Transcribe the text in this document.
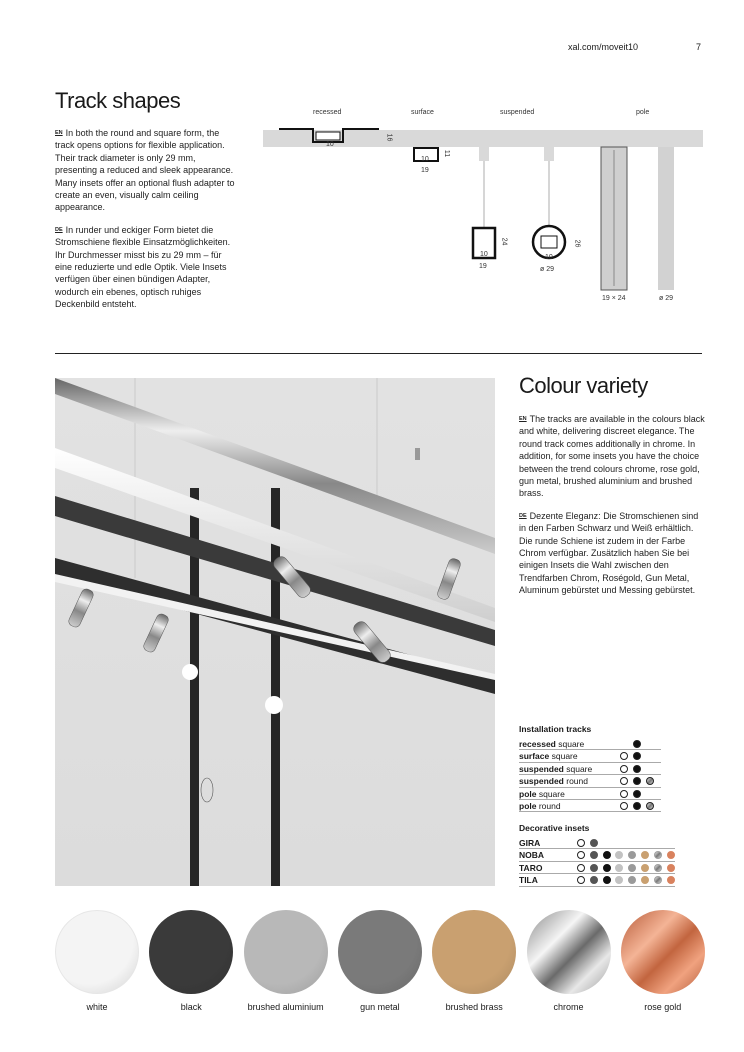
xal.com/moveit10	7
Track shapes
$^{EN}$ In both the round and square form, the track opens options for flexible application. Their track diameter is only 29 mm, presenting a reduced and sleek appearance. Many insets offer an optional flush adapter to create an even, visually calm ceiling appearance.
$^{DE}$ In runder und eckiger Form bietet die Stromschiene flexible Einsatzmöglichkeiten. Ihr Durchmesser misst bis zu 29 mm – für eine reduzierte und edle Optik. Viele Insets verfügen über einen bündigen Adapter, wodurch ein ebenes, optisch ruhiges Deckenbild entsteht.
recessed	surface	suspended	pole
10
16
10
11
19
10
24
19
10
26
ø 29
19 × 24	ø 29
Colour variety
$^{EN}$ The tracks are available in the colours black and white, delivering discreet elegance. The round track comes additionally in chrome. In addition, for some insets you have the choice between the trend colours chrome, rose gold, gun metal, brushed aluminium and brushed brass.
$^{DE}$ Dezente Eleganz: Die Stromschienen sind in den Farben Schwarz und Weiß erhältlich. Die runde Schiene ist zudem in der Farbe Chrom verfügbar. Zusätzlich haben Sie bei einigen Insets die Wahl zwischen den Trendfarben Chrom, Roségold, Gun Metal, Aluminum gebürstet und Messing gebürstet.
Installation tracks
recessed square
surface square
suspended square
suspended round
pole square
pole round
Decorative insets
GIRA
NOBA
TARO
TILA
white	black	brushed aluminium	gun metal	brushed brass	chrome	rose gold
